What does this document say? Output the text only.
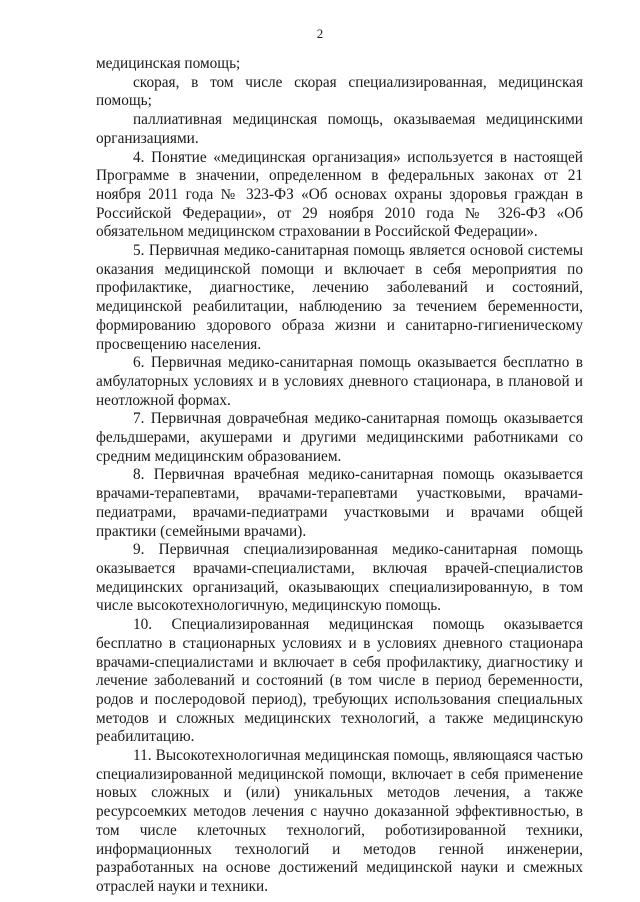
2

медицинская помощь;

скорая, в том числе скорая специализированная, медицинская помощь;

паллиативная медицинская помощь, оказываемая медицинскими организациями.

4. Понятие «медицинская организация» используется в настоящей Программе в значении, определенном в федеральных законах от 21 ноября 2011 года № 323-ФЗ «Об основах охраны здоровья граждан в Российской Федерации», от 29 ноября 2010 года № 326-ФЗ «Об обязательном медицинском страховании в Российской Федерации».

5. Первичная медико-санитарная помощь является основой системы оказания медицинской помощи и включает в себя мероприятия по профилактике, диагностике, лечению заболеваний и состояний, медицинской реабилитации, наблюдению за течением беременности, формированию здорового образа жизни и санитарно-гигиеническому просвещению населения.

6. Первичная медико-санитарная помощь оказывается бесплатно в амбулаторных условиях и в условиях дневного стационара, в плановой и неотложной формах.

7. Первичная доврачебная медико-санитарная помощь оказывается фельдшерами, акушерами и другими медицинскими работниками со средним медицинским образованием.

8. Первичная врачебная медико-санитарная помощь оказывается врачами-терапевтами, врачами-терапевтами участковыми, врачами-педиатрами, врачами-педиатрами участковыми и врачами общей практики (семейными врачами).

9. Первичная специализированная медико-санитарная помощь оказывается врачами-специалистами, включая врачей-специалистов медицинских организаций, оказывающих специализированную, в том числе высокотехнологичную, медицинскую помощь.

10. Специализированная медицинская помощь оказывается бесплатно в стационарных условиях и в условиях дневного стационара врачами-специалистами и включает в себя профилактику, диагностику и лечение заболеваний и состояний (в том числе в период беременности, родов и послеродовой период), требующих использования специальных методов и сложных медицинских технологий, а также медицинскую реабилитацию.

11. Высокотехнологичная медицинская помощь, являющаяся частью специализированной медицинской помощи, включает в себя применение новых сложных и (или) уникальных методов лечения, а также ресурсоемких методов лечения с научно доказанной эффективностью, в том числе клеточных технологий, роботизированной техники, информационных технологий и методов генной инженерии, разработанных на основе достижений медицинской науки и смежных отраслей науки и техники.
